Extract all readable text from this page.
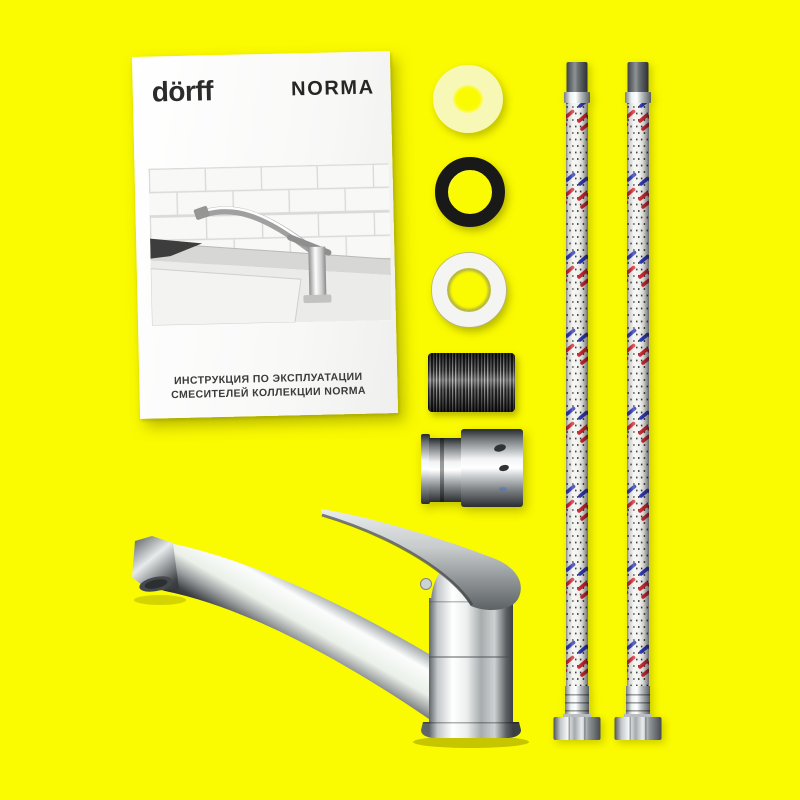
dörff	NORMA
ИНСТРУКЦИЯ ПО ЭКСПЛУАТАЦИИ
СМЕСИТЕЛЕЙ КОЛЛЕКЦИИ NORMA
